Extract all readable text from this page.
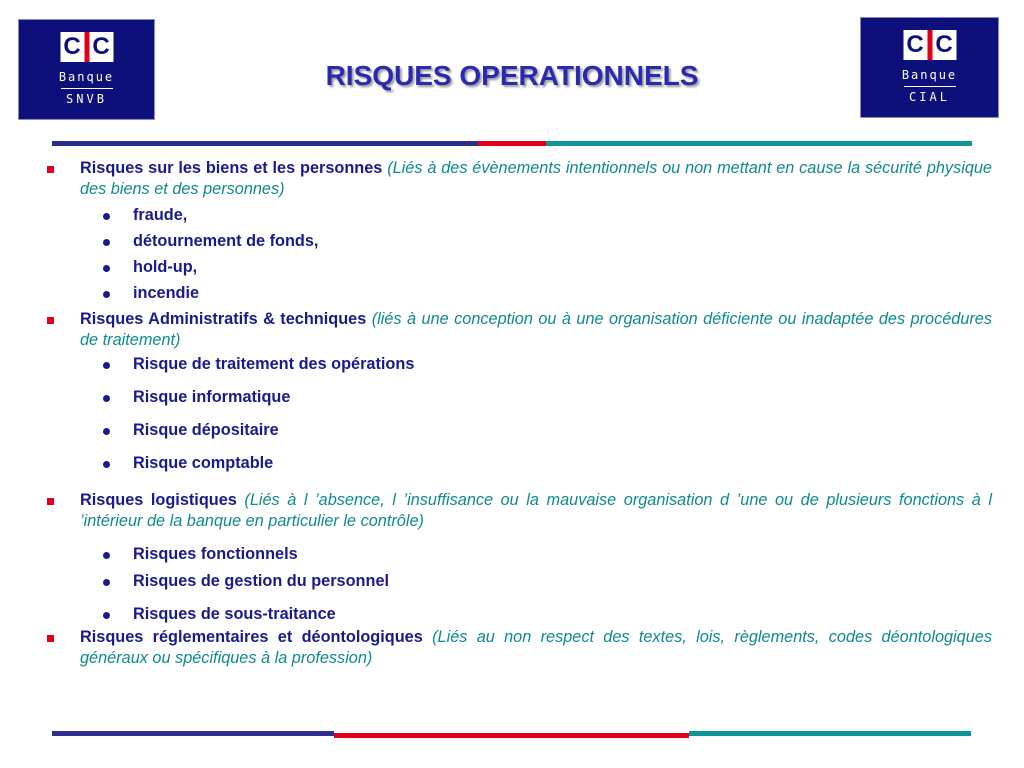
C C
Banque
SNVB
C C
Banque
CIAL
RISQUES OPERATIONNELS
Risques sur les biens et les personnes (Liés à des évènements intentionnels ou non mettant en cause la sécurité physique des biens et des personnes)
fraude,
détournement de fonds,
hold-up,
incendie
Risques Administratifs & techniques (liés à une conception ou à une organisation déficiente ou inadaptée des procédures de traitement)
Risque de traitement des opérations
Risque informatique
Risque dépositaire
Risque comptable
Risques logistiques (Liés à l ’absence, l ’insuffisance ou la mauvaise organisation d ’une ou de plusieurs fonctions à l ’intérieur de la banque en particulier le contrôle)
Risques fonctionnels
Risques de gestion du personnel
Risques de sous-traitance
Risques réglementaires et déontologiques (Liés au non respect des textes, lois, règlements, codes déontologiques généraux ou spécifiques à la profession)
